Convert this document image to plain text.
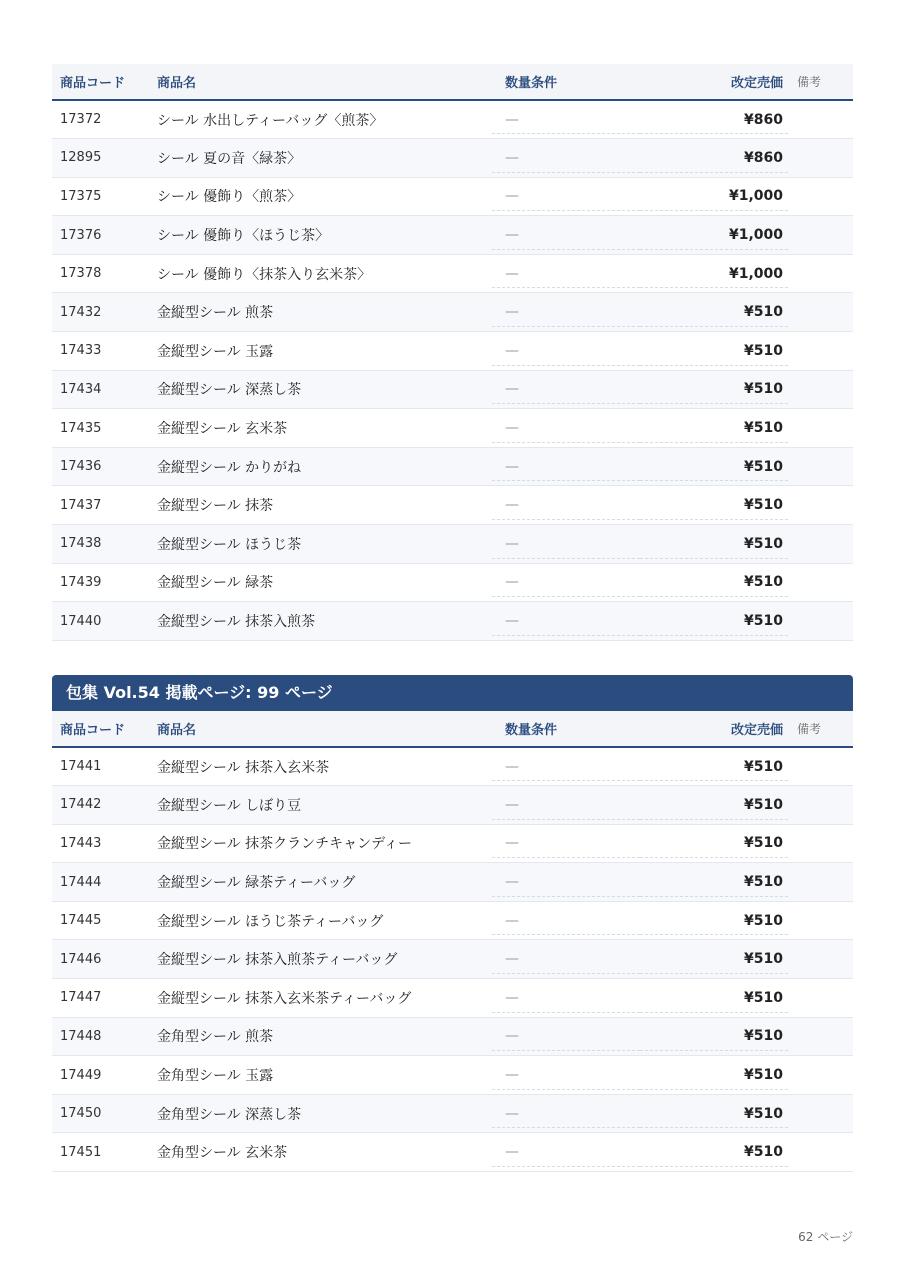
商品コード	商品名	数量条件	改定売価	備考
17372	シール 水出しティーバッグ〈煎茶〉	—	¥860	
12895	シール 夏の音〈緑茶〉	—	¥860	
17375	シール 優飾り〈煎茶〉	—	¥1,000	
17376	シール 優飾り〈ほうじ茶〉	—	¥1,000	
17378	シール 優飾り〈抹茶入り玄米茶〉	—	¥1,000	
17432	金縦型シール 煎茶	—	¥510	
17433	金縦型シール 玉露	—	¥510	
17434	金縦型シール 深蒸し茶	—	¥510	
17435	金縦型シール 玄米茶	—	¥510	
17436	金縦型シール かりがね	—	¥510	
17437	金縦型シール 抹茶	—	¥510	
17438	金縦型シール ほうじ茶	—	¥510	
17439	金縦型シール 緑茶	—	¥510	
17440	金縦型シール 抹茶入煎茶	—	¥510	
包集 Vol.54 掲載ページ: 99 ページ
商品コード	商品名	数量条件	改定売価	備考
17441	金縦型シール 抹茶入玄米茶	—	¥510	
17442	金縦型シール しぼり豆	—	¥510	
17443	金縦型シール 抹茶クランチキャンディー	—	¥510	
17444	金縦型シール 緑茶ティーバッグ	—	¥510	
17445	金縦型シール ほうじ茶ティーバッグ	—	¥510	
17446	金縦型シール 抹茶入煎茶ティーバッグ	—	¥510	
17447	金縦型シール 抹茶入玄米茶ティーバッグ	—	¥510	
17448	金角型シール 煎茶	—	¥510	
17449	金角型シール 玉露	—	¥510	
17450	金角型シール 深蒸し茶	—	¥510	
17451	金角型シール 玄米茶	—	¥510	
62 ページ
